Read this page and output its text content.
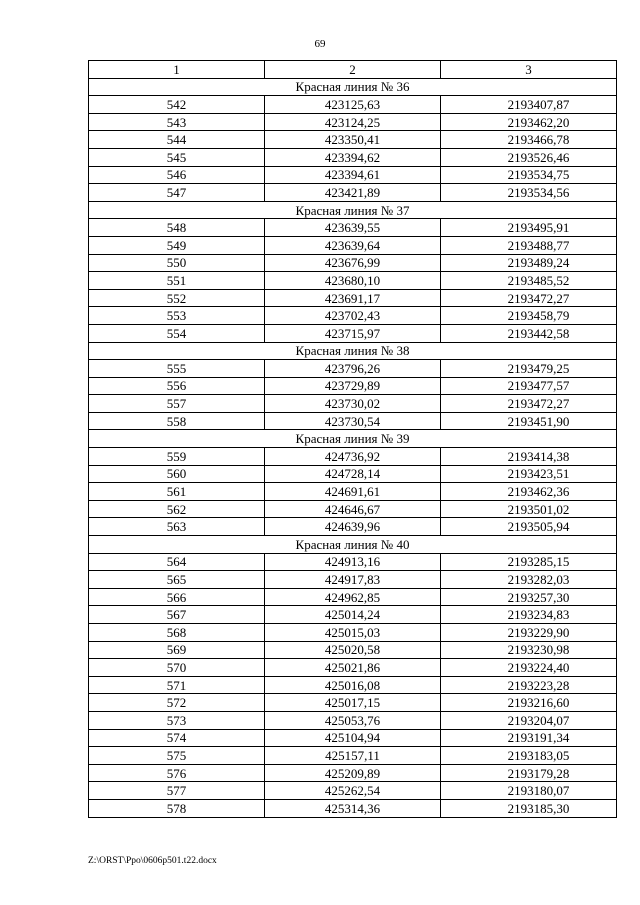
69
1	2	3
Красная линия № 36		
542	423125,63	2193407,87
543	423124,25	2193462,20
544	423350,41	2193466,78
545	423394,62	2193526,46
546	423394,61	2193534,75
547	423421,89	2193534,56
Красная линия № 37		
548	423639,55	2193495,91
549	423639,64	2193488,77
550	423676,99	2193489,24
551	423680,10	2193485,52
552	423691,17	2193472,27
553	423702,43	2193458,79
554	423715,97	2193442,58
Красная линия № 38		
555	423796,26	2193479,25
556	423729,89	2193477,57
557	423730,02	2193472,27
558	423730,54	2193451,90
Красная линия № 39		
559	424736,92	2193414,38
560	424728,14	2193423,51
561	424691,61	2193462,36
562	424646,67	2193501,02
563	424639,96	2193505,94
Красная линия № 40		
564	424913,16	2193285,15
565	424917,83	2193282,03
566	424962,85	2193257,30
567	425014,24	2193234,83
568	425015,03	2193229,90
569	425020,58	2193230,98
570	425021,86	2193224,40
571	425016,08	2193223,28
572	425017,15	2193216,60
573	425053,76	2193204,07
574	425104,94	2193191,34
575	425157,11	2193183,05
576	425209,89	2193179,28
577	425262,54	2193180,07
578	425314,36	2193185,30
Z:\ORST\Ppo\0606p501.t22.docx
